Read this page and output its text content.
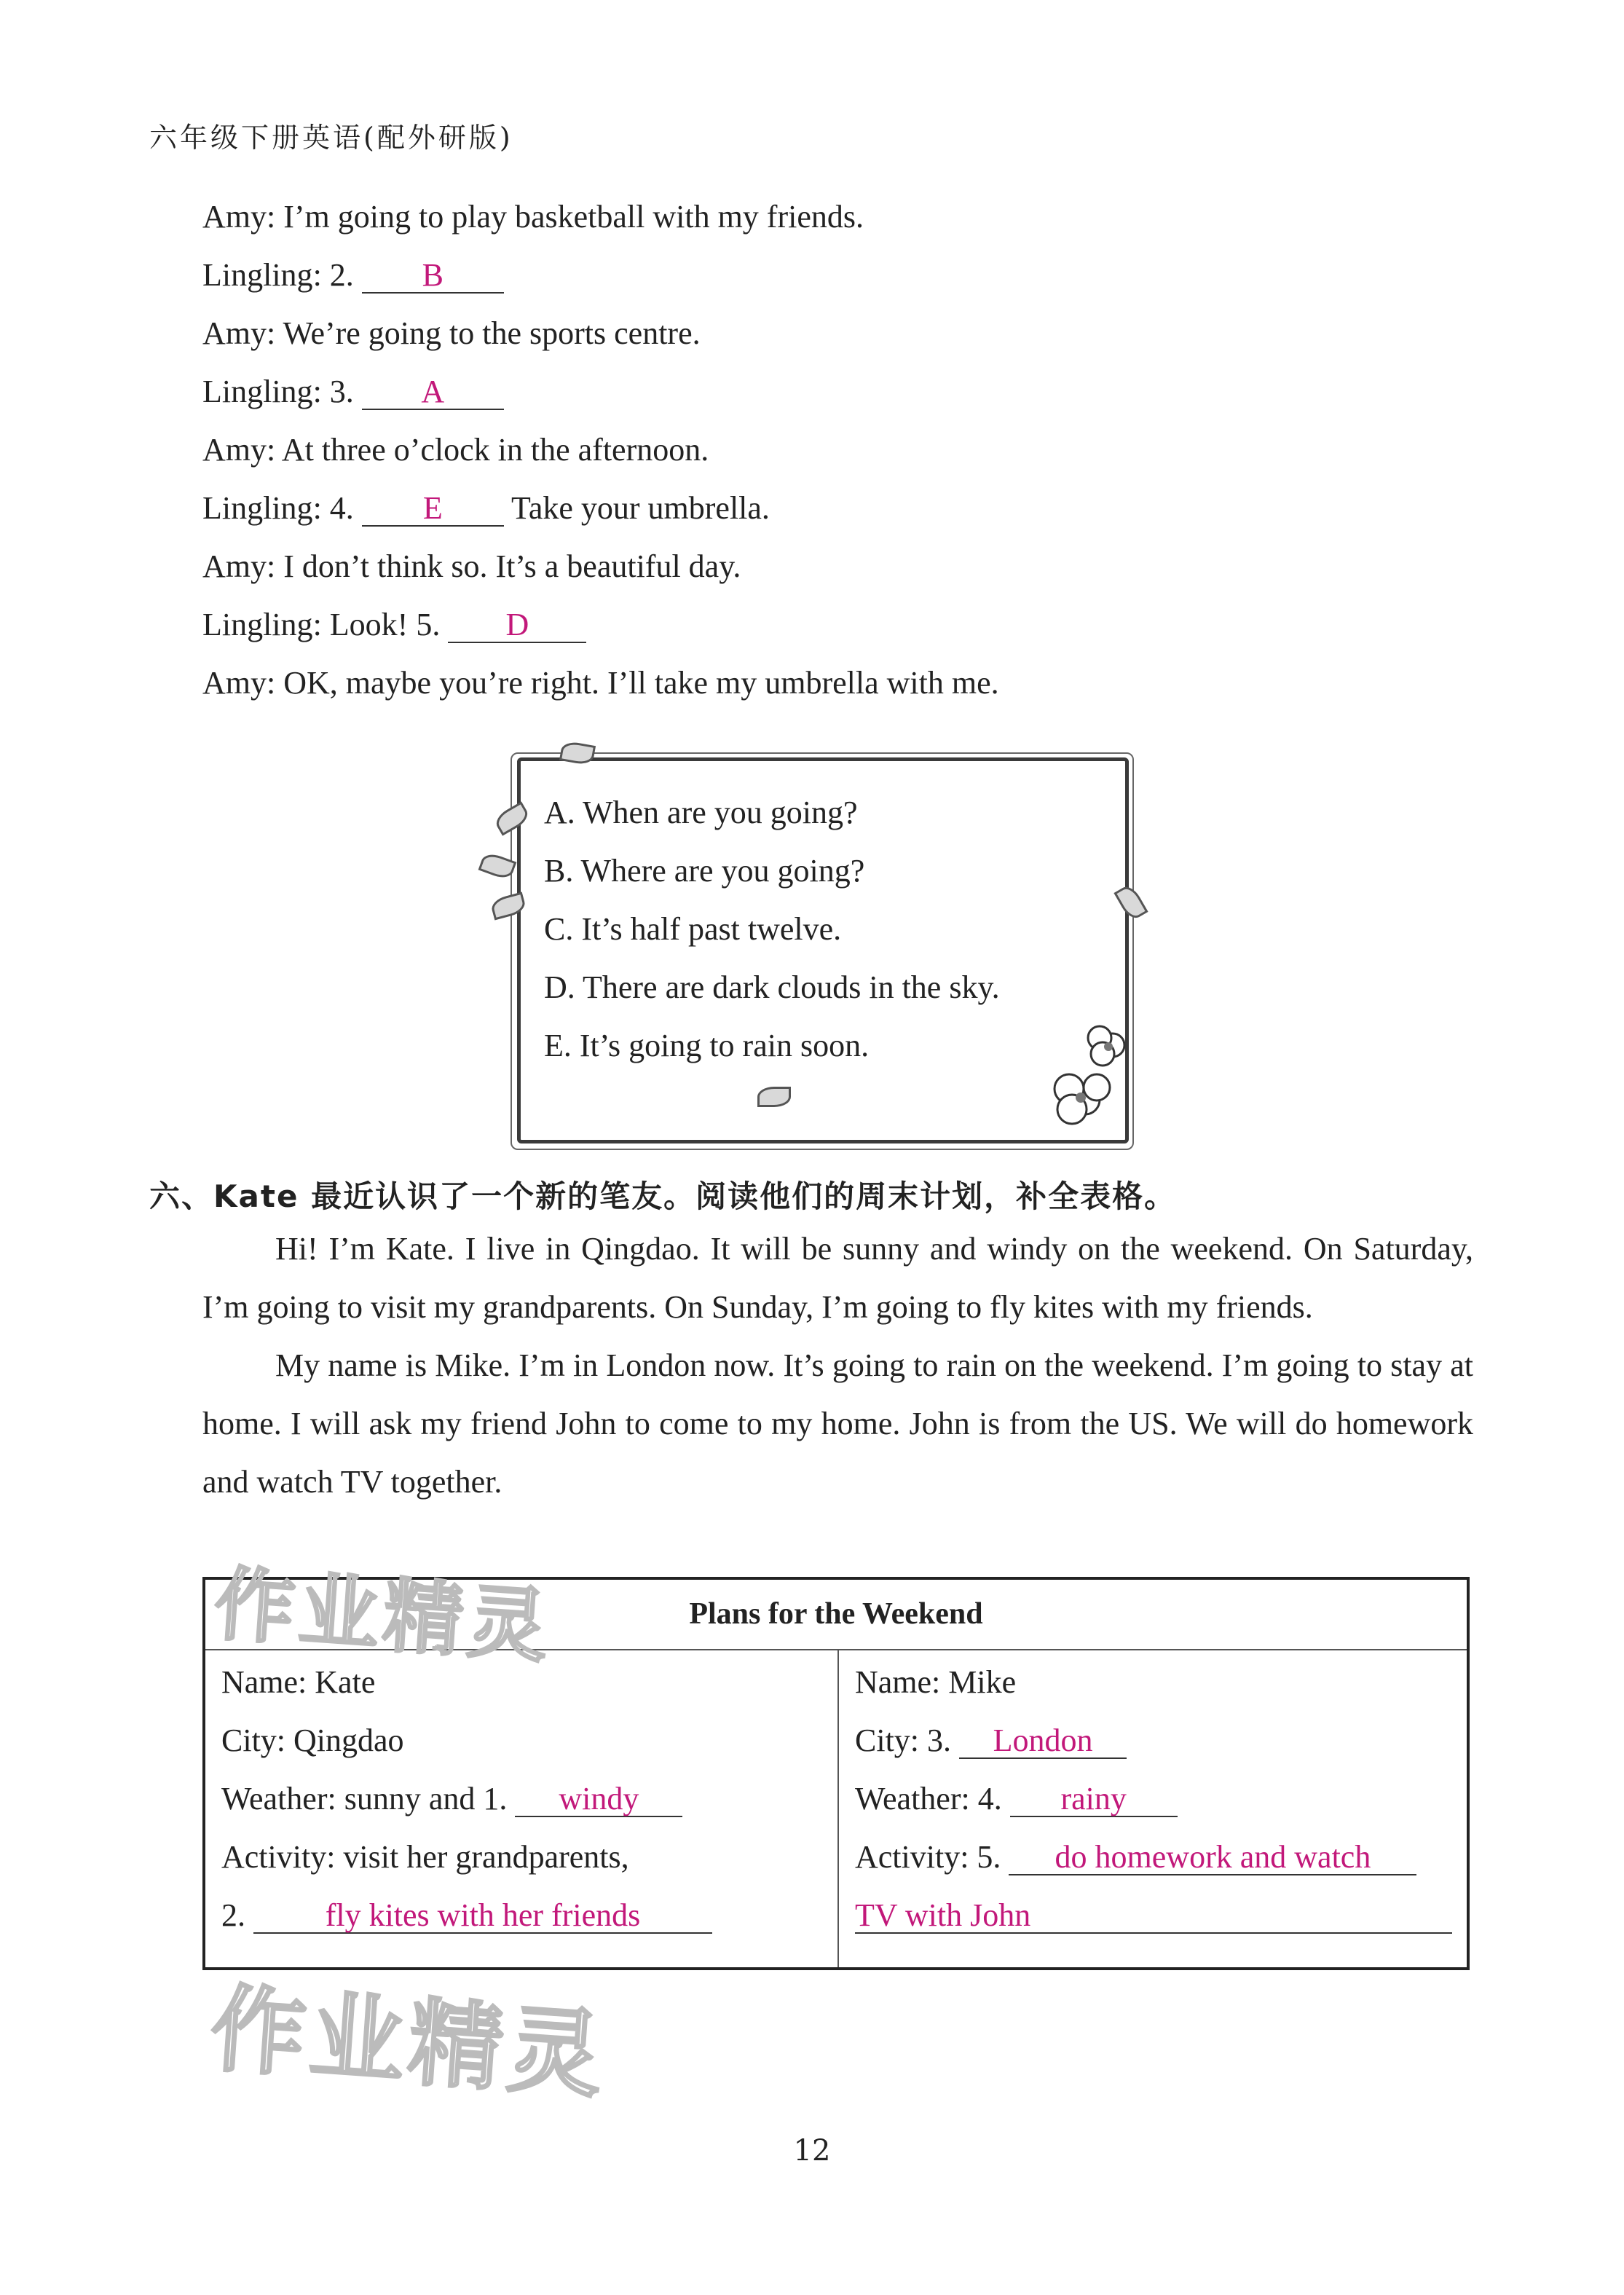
六年级下册英语(配外研版)
Amy: I’m going to play basketball with my friends.
Lingling: 2. B
Amy: We’re going to the sports centre.
Lingling: 3. A
Amy: At three o’clock in the afternoon.
Lingling: 4. E Take your umbrella.
Amy: I don’t think so. It’s a beautiful day.
Lingling: Look! 5. D
Amy: OK, maybe you’re right. I’ll take my umbrella with me.
A. When are you going?
B. Where are you going?
C. It’s half past twelve.
D. There are dark clouds in the sky.
E. It’s going to rain soon.
六、Kate 最近认识了一个新的笔友。阅读他们的周末计划，补全表格。

Hi! I’m Kate. I live in Qingdao. It will be sunny and windy on the weekend. On Saturday, I’m going to visit my grandparents. On Sunday, I’m going to fly kites with my friends.

My name is Mike. I’m in London now. It’s going to rain on the weekend. I’m going to stay at home. I will ask my friend John to come to my home. John is from the US. We will do homework and watch TV together.

Plans for the Weekend
Name: Kate
City: Qingdao
Weather: sunny and 1. windy
Activity: visit her grandparents,
2. fly kites with her friends
Name: Mike
City: 3. London
Weather: 4. rainy
Activity: 5. do homework and watch
TV with John
作业精灵
作业精灵
12
